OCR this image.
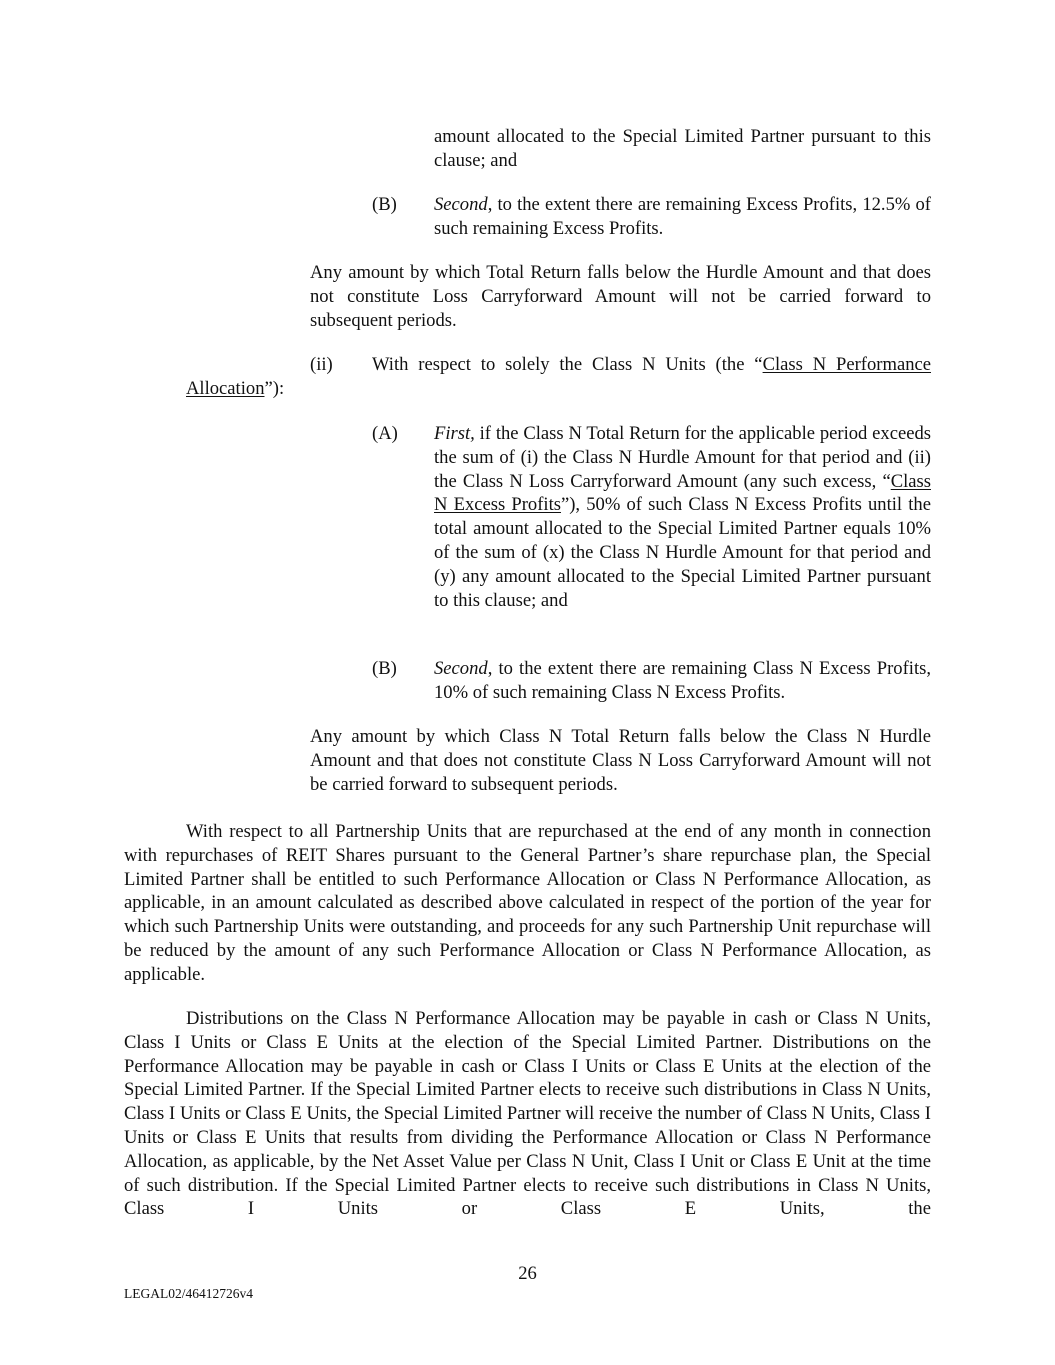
amount allocated to the Special Limited Partner pursuant to this clause; and
(B) Second, to the extent there are remaining Excess Profits, 12.5% of such remaining Excess Profits.
Any amount by which Total Return falls below the Hurdle Amount and that does not constitute Loss Carryforward Amount will not be carried forward to subsequent periods.
(ii) With respect to solely the Class N Units (the “Class N Performance
Allocation”):
(A) First, if the Class N Total Return for the applicable period exceeds the sum of (i) the Class N Hurdle Amount for that period and (ii) the Class N Loss Carryforward Amount (any such excess, “Class N Excess Profits”), 50% of such Class N Excess Profits until the total amount allocated to the Special Limited Partner equals 10% of the sum of (x) the Class N Hurdle Amount for that period and (y) any amount allocated to the Special Limited Partner pursuant to this clause; and
(B) Second, to the extent there are remaining Class N Excess Profits, 10% of such remaining Class N Excess Profits.
Any amount by which Class N Total Return falls below the Class N Hurdle Amount and that does not constitute Class N Loss Carryforward Amount will not be carried forward to subsequent periods.
With respect to all Partnership Units that are repurchased at the end of any month in connection with repurchases of REIT Shares pursuant to the General Partner’s share repurchase plan, the Special Limited Partner shall be entitled to such Performance Allocation or Class N Performance Allocation, as applicable, in an amount calculated as described above calculated in respect of the portion of the year for which such Partnership Units were outstanding, and proceeds for any such Partnership Unit repurchase will be reduced by the amount of any such Performance Allocation or Class N Performance Allocation, as applicable.
Distributions on the Class N Performance Allocation may be payable in cash or Class N Units, Class I Units or Class E Units at the election of the Special Limited Partner. Distributions on the Performance Allocation may be payable in cash or Class I Units or Class E Units at the election of the Special Limited Partner. If the Special Limited Partner elects to receive such distributions in Class N Units, Class I Units or Class E Units, the Special Limited Partner will receive the number of Class N Units, Class I Units or Class E Units that results from dividing the Performance Allocation or Class N Performance Allocation, as applicable, by the Net Asset Value per Class N Unit, Class I Unit or Class E Unit at the time of such distribution. If the Special Limited Partner elects to receive such distributions in Class N Units, Class I Units or Class E Units, the
26
LEGAL02/46412726v4
